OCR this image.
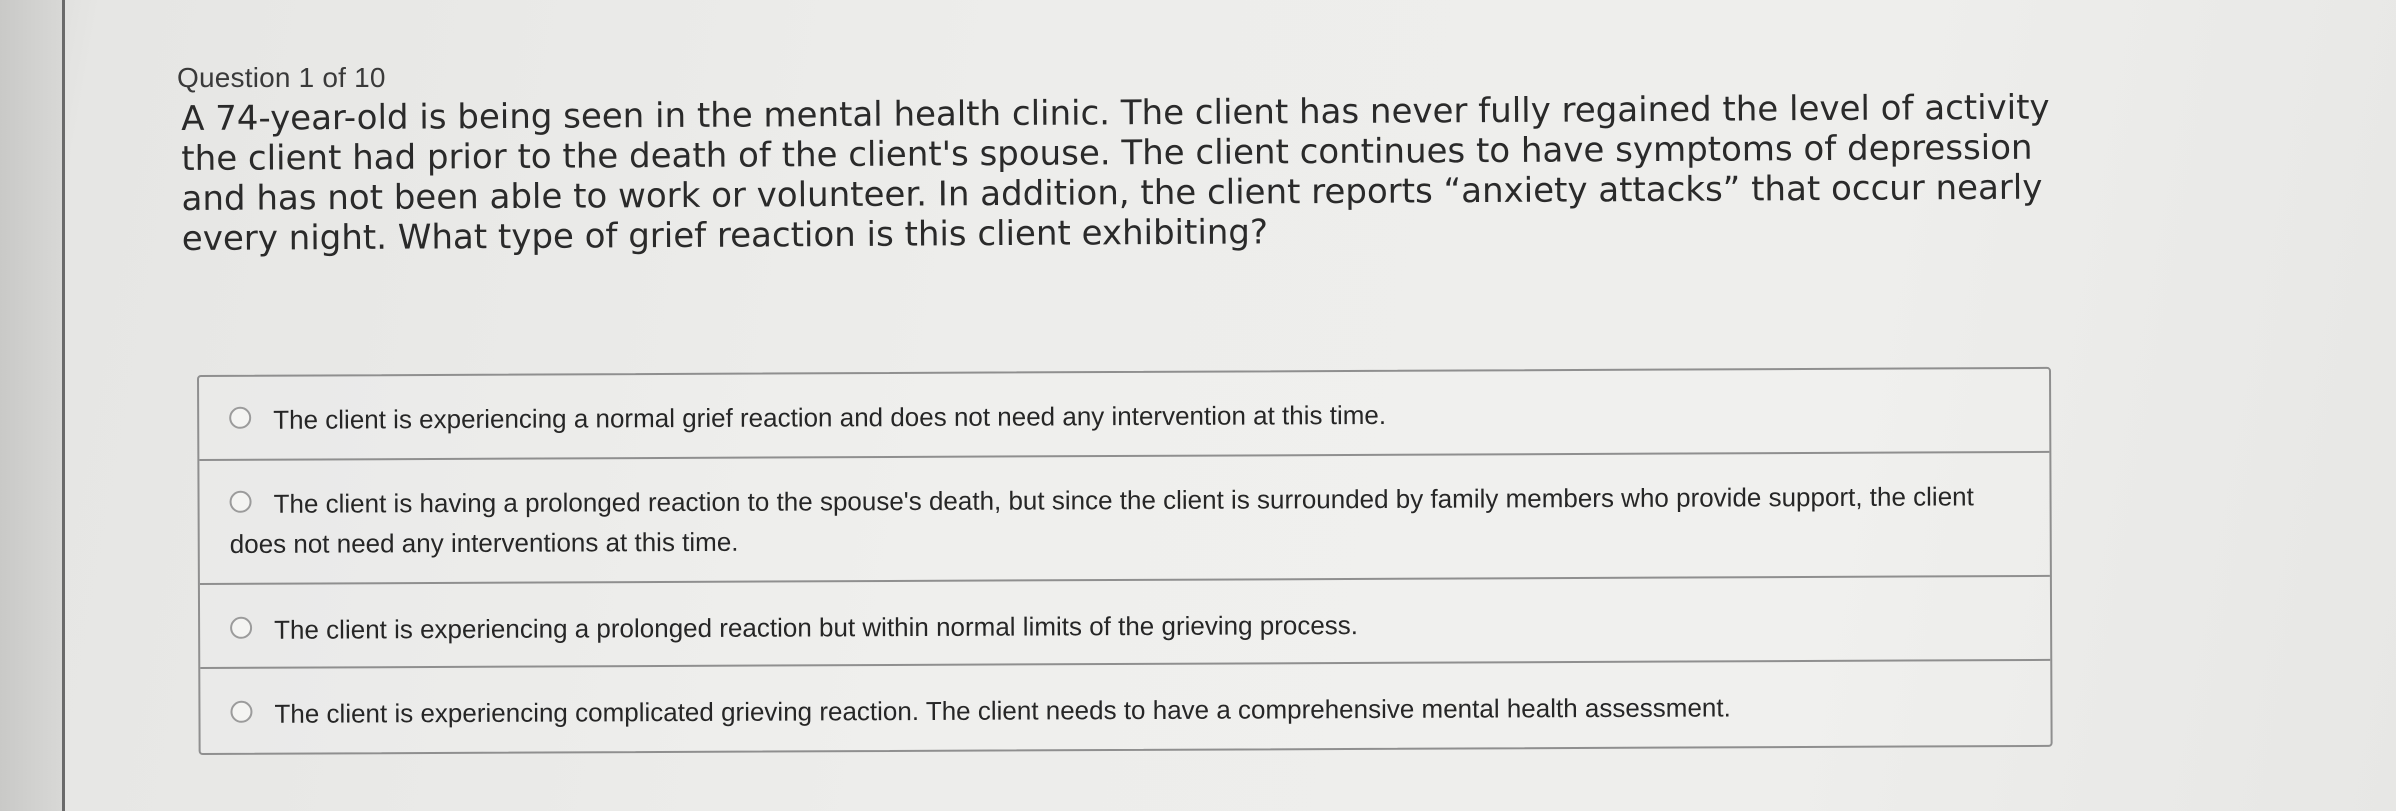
Question 1 of 10

A 74-year-old is being seen in the mental health clinic. The client has never fully regained the level of activity the client had prior to the death of the client's spouse. The client continues to have symptoms of depression and has not been able to work or volunteer. In addition, the client reports “anxiety attacks” that occur nearly every night. What type of grief reaction is this client exhibiting?

The client is experiencing a normal grief reaction and does not need any intervention at this time.
The client is having a prolonged reaction to the spouse's death, but since the client is surrounded by family members who provide support, the client does not need any interventions at this time.
The client is experiencing a prolonged reaction but within normal limits of the grieving process.
The client is experiencing complicated grieving reaction. The client needs to have a comprehensive mental health assessment.
